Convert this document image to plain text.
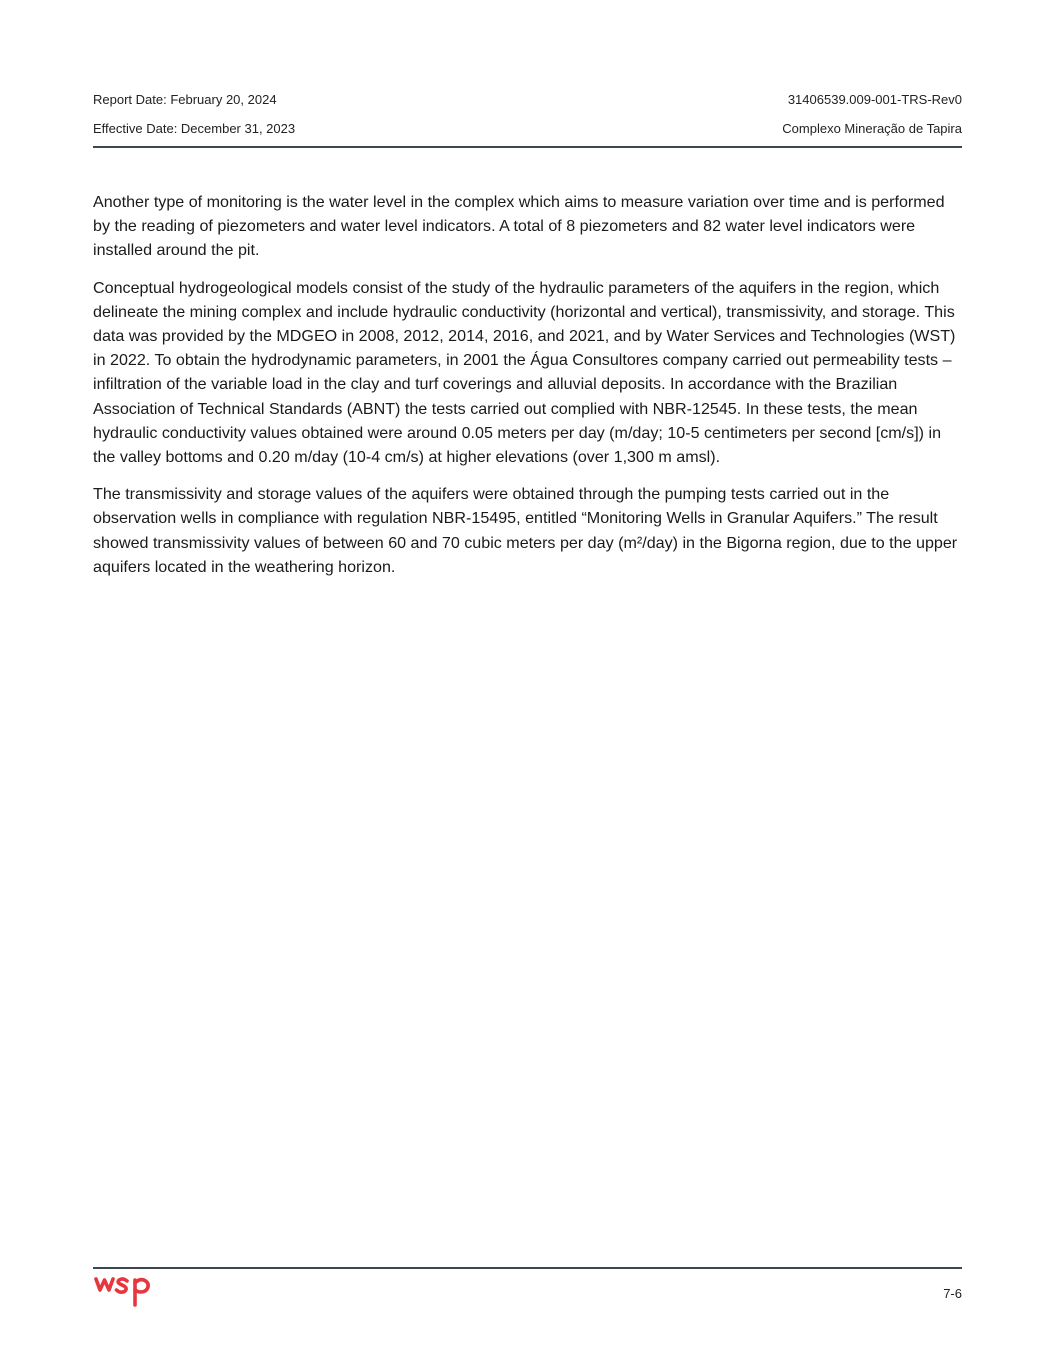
Report Date: February 20, 2024	31406539.009-001-TRS-Rev0
Effective Date: December 31, 2023	Complexo Mineração de Tapira

Another type of monitoring is the water level in the complex which aims to measure variation over time and is performed by the reading of piezometers and water level indicators. A total of 8 piezometers and 82 water level indicators were installed around the pit.

Conceptual hydrogeological models consist of the study of the hydraulic parameters of the aquifers in the region, which delineate the mining complex and include hydraulic conductivity (horizontal and vertical), transmissivity, and storage. This data was provided by the MDGEO in 2008, 2012, 2014, 2016, and 2021, and by Water Services and Technologies (WST) in 2022. To obtain the hydrodynamic parameters, in 2001 the Água Consultores company carried out permeability tests – infiltration of the variable load in the clay and turf coverings and alluvial deposits. In accordance with the Brazilian Association of Technical Standards (ABNT) the tests carried out complied with NBR-12545. In these tests, the mean hydraulic conductivity values obtained were around 0.05 meters per day (m/day; 10-5 centimeters per second [cm/s]) in the valley bottoms and 0.20 m/day (10-4 cm/s) at higher elevations (over 1,300 m amsl).

The transmissivity and storage values of the aquifers were obtained through the pumping tests carried out in the observation wells in compliance with regulation NBR-15495, entitled “Monitoring Wells in Granular Aquifers.” The result showed transmissivity values of between 60 and 70 cubic meters per day (m²/day) in the Bigorna region, due to the upper aquifers located in the weathering horizon.

7-6
